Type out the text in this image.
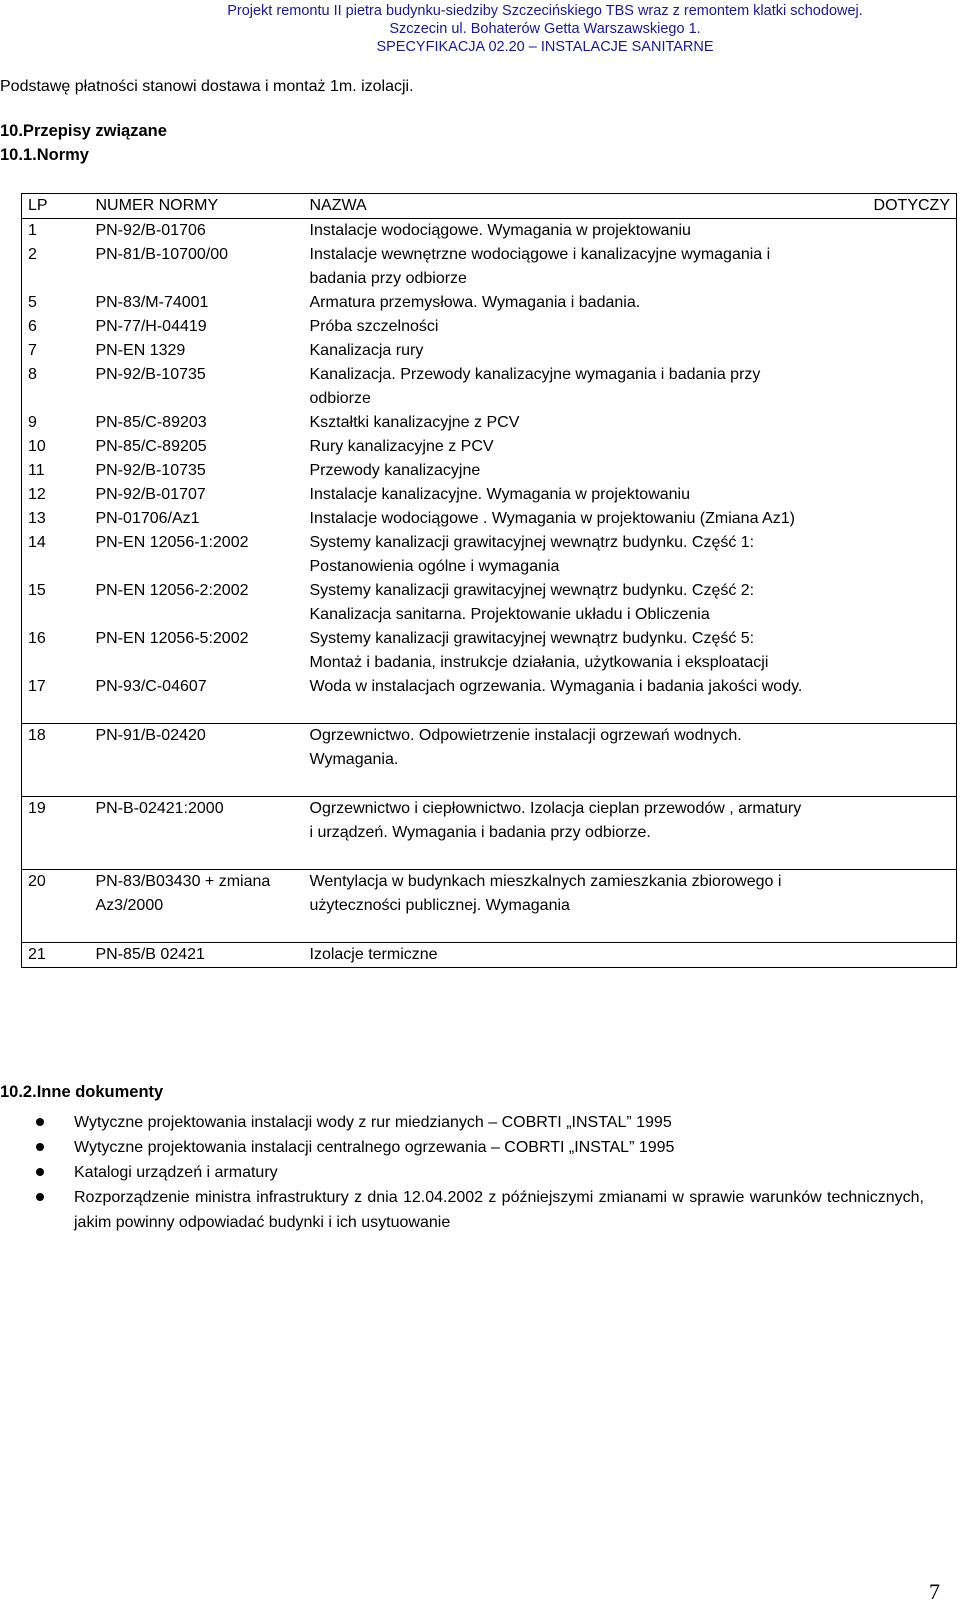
Projekt remontu II pietra budynku-siedziby Szczecińskiego TBS wraz z remontem klatki schodowej.
Szczecin ul. Bohaterów Getta Warszawskiego 1.
SPECYFIKACJA 02.20 – INSTALACJE SANITARNE
Podstawę płatności stanowi dostawa i montaż 1m. izolacji.
10.Przepisy związane
10.1.Normy
LP	NUMER NORMY	NAZWA	DOTYCZY
1	PN-92/B-01706	Instalacje wodociągowe. Wymagania w projektowaniu	
2	PN-81/B-10700/00	Instalacje wewnętrzne wodociągowe i kanalizacyjne wymagania i badania przy odbiorze	
5	PN-83/M-74001	Armatura przemysłowa. Wymagania i badania.	
6	PN-77/H-04419	Próba szczelności	
7	PN-EN 1329	Kanalizacja rury	
8	PN-92/B-10735	Kanalizacja. Przewody kanalizacyjne wymagania i badania przy odbiorze	
9	PN-85/C-89203	Kształtki kanalizacyjne z PCV	
10	PN-85/C-89205	Rury kanalizacyjne z PCV	
11	PN-92/B-10735	Przewody kanalizacyjne	
12	PN-92/B-01707	Instalacje kanalizacyjne. Wymagania w projektowaniu	
13	PN-01706/Az1	Instalacje wodociągowe . Wymagania w projektowaniu (Zmiana Az1)	
14	PN-EN 12056-1:2002	Systemy kanalizacji grawitacyjnej wewnątrz budynku. Część 1: Postanowienia ogólne i wymagania	
15	PN-EN 12056-2:2002	Systemy kanalizacji grawitacyjnej wewnątrz budynku. Część 2: Kanalizacja sanitarna. Projektowanie układu i Obliczenia	
16	PN-EN 12056-5:2002	Systemy kanalizacji grawitacyjnej wewnątrz budynku. Część 5: Montaż i badania, instrukcje działania, użytkowania i eksploatacji	
17	PN-93/C-04607	Woda w instalacjach ogrzewania. Wymagania i badania jakości wody.	

18	PN-91/B-02420	Ogrzewnictwo. Odpowietrzenie instalacji ogrzewań wodnych. Wymagania.	

19	PN-B-02421:2000	Ogrzewnictwo i ciepłownictwo. Izolacja cieplan przewodów , armatury i urządzeń. Wymagania i badania przy odbiorze.	

20	PN-83/B03430 + zmiana Az3/2000	Wentylacja w budynkach mieszkalnych zamieszkania zbiorowego i użyteczności publicznej. Wymagania	

21	PN-85/B 02421	Izolacje termiczne	
10.2.Inne dokumenty
Wytyczne projektowania instalacji wody z rur miedzianych – COBRTI „INSTAL” 1995
Wytyczne projektowania instalacji centralnego ogrzewania – COBRTI „INSTAL” 1995
Katalogi urządzeń i armatury
Rozporządzenie ministra infrastruktury z dnia 12.04.2002 z późniejszymi zmianami w sprawie warunków technicznych, jakim powinny odpowiadać budynki i ich usytuowanie
7
